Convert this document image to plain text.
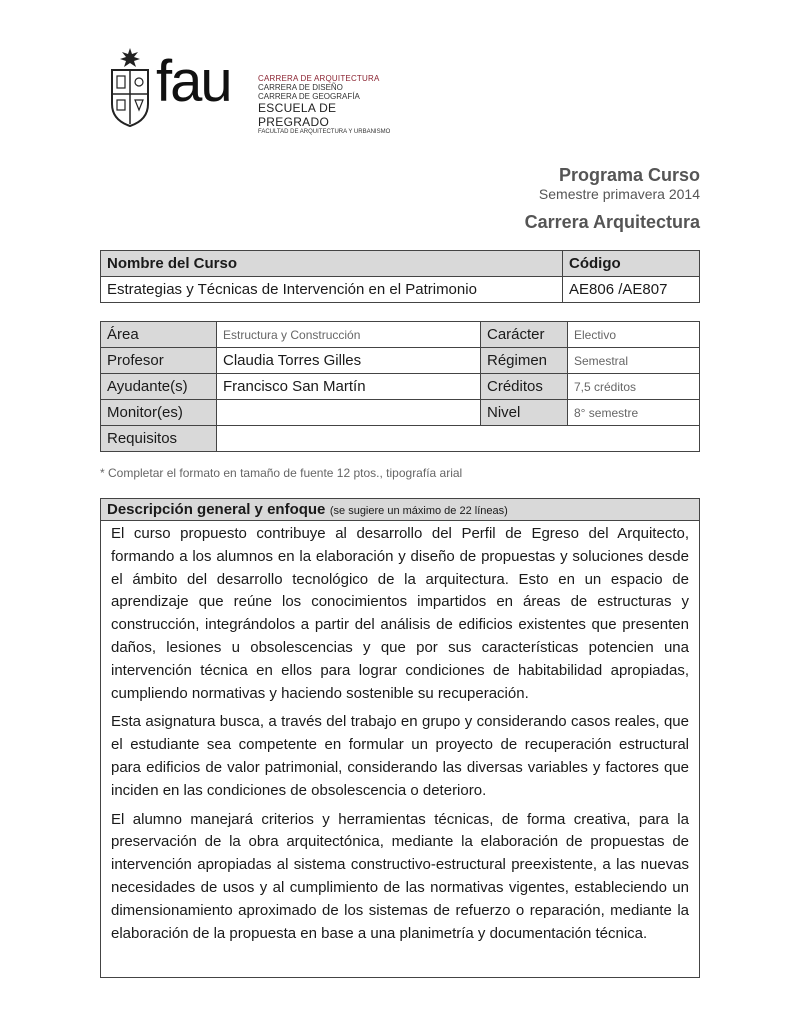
fau	CARRERA DE ARQUITECTURA
CARRERA DE DISEÑO
CARRERA DE GEOGRAFÍA
ESCUELA DE PREGRADO
FACULTAD DE ARQUITECTURA Y URBANISMO
Programa Curso
Semestre primavera 2014
Carrera Arquitectura
Nombre del Curso	Código
Estrategias y Técnicas de Intervención en el Patrimonio	AE806 /AE807
Área	Estructura y Construcción	Carácter	Electivo
Profesor	Claudia Torres Gilles	Régimen	Semestral
Ayudante(s)	Francisco San Martín	Créditos	7,5 créditos
Monitor(es)		Nivel	8° semestre
Requisitos			
* Completar el formato en tamaño de fuente 12 ptos., tipografía arial
Descripción general y enfoque (se sugiere un máximo de 22 líneas)

El curso propuesto contribuye al desarrollo del Perfil de Egreso del Arquitecto, formando a los alumnos en la elaboración y diseño de propuestas y soluciones desde el ámbito del desarrollo tecnológico de la arquitectura. Esto en un espacio de aprendizaje que reúne los conocimientos impartidos en áreas de estructuras y construcción, integrándolos a partir del análisis de edificios existentes que presenten daños, lesiones u obsolescencias y que por sus características potencien una intervención técnica en ellos para lograr condiciones de habitabilidad apropiadas, cumpliendo normativas y haciendo sostenible su recuperación.

Esta asignatura busca, a través del trabajo en grupo y considerando casos reales, que el estudiante sea competente en formular un proyecto de recuperación estructural para edificios de valor patrimonial, considerando las diversas variables y factores que inciden en las condiciones de obsolescencia o deterioro.

El alumno manejará criterios y herramientas técnicas, de forma creativa, para la preservación de la obra arquitectónica, mediante la elaboración de propuestas de intervención apropiadas al sistema constructivo-estructural preexistente, a las nuevas necesidades de usos y al cumplimiento de las normativas vigentes, estableciendo un dimensionamiento aproximado de los sistemas de refuerzo o reparación, mediante la elaboración de la propuesta en base a una planimetría y documentación técnica.
